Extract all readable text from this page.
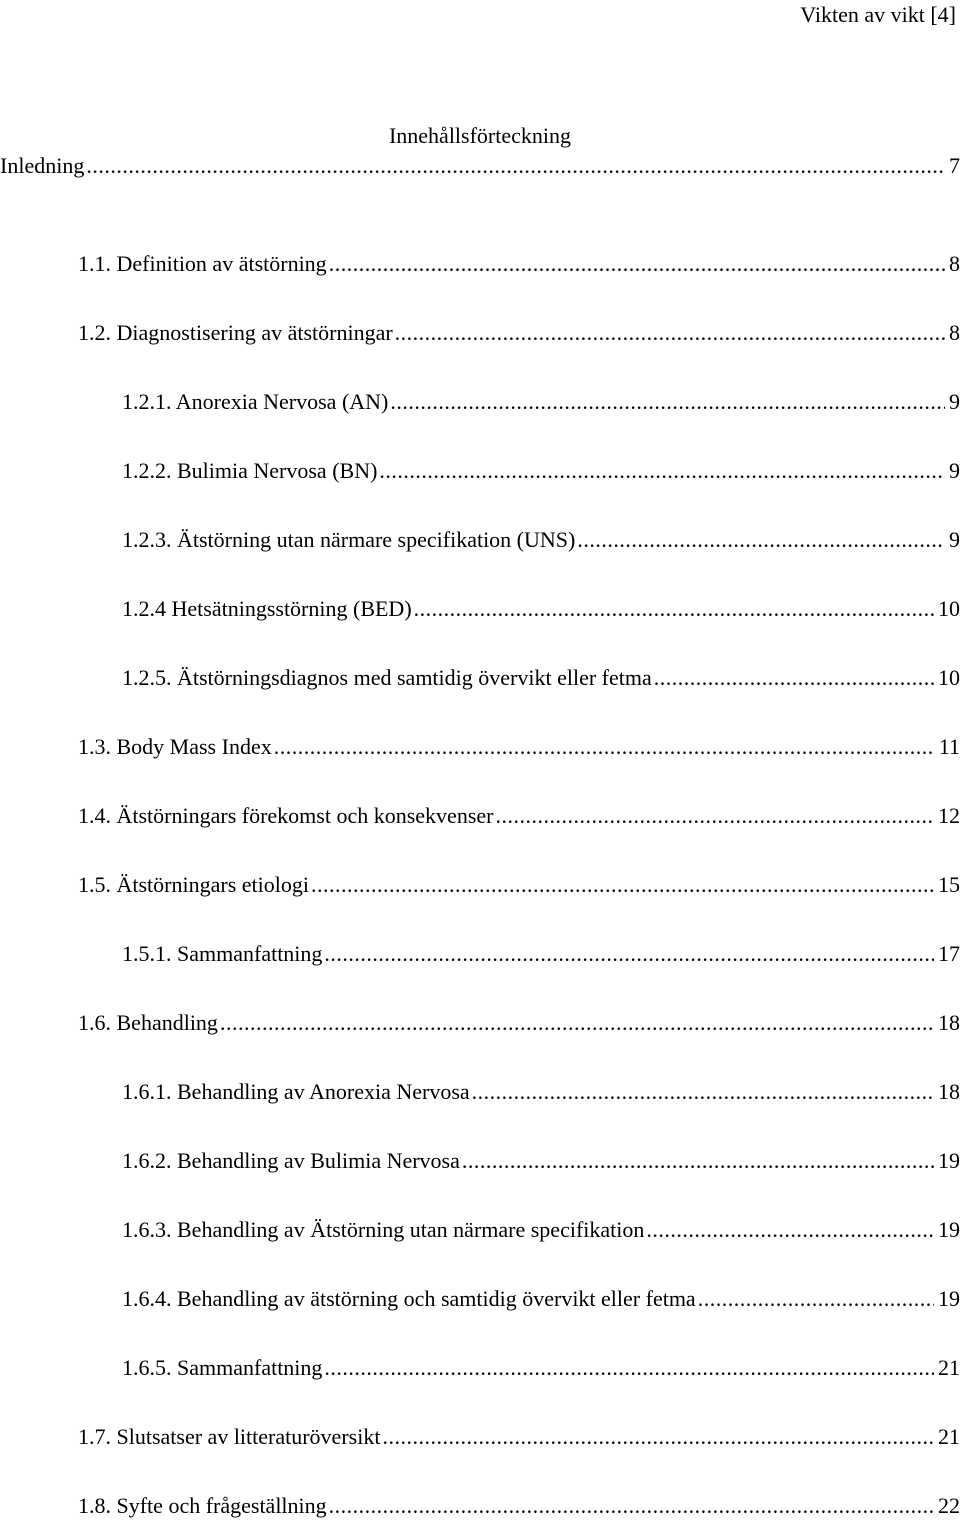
Vikten av vikt [4]
Innehållsförteckning
Inledning .....	7
1.1. Definition av ätstörning .....	8
1.2. Diagnostisering av ätstörningar .....	8
1.2.1. Anorexia Nervosa (AN) .....	9
1.2.2. Bulimia Nervosa (BN) .....	9
1.2.3. Ätstörning utan närmare specifikation (UNS) .....	9
1.2.4 Hetsätningsstörning (BED) .....	10
1.2.5. Ätstörningsdiagnos med samtidig övervikt eller fetma .....	10
1.3. Body Mass Index .....	11
1.4. Ätstörningars förekomst och konsekvenser .....	12
1.5. Ätstörningars etiologi .....	15
1.5.1. Sammanfattning .....	17
1.6. Behandling .....	18
1.6.1. Behandling av Anorexia Nervosa .....	18
1.6.2. Behandling av Bulimia Nervosa .....	19
1.6.3. Behandling av Ätstörning utan närmare specifikation .....	19
1.6.4. Behandling av ätstörning och samtidig övervikt eller fetma .....	19
1.6.5. Sammanfattning .....	21
1.7. Slutsatser av litteraturöversikt .....	21
1.8. Syfte och frågeställning .....	22
